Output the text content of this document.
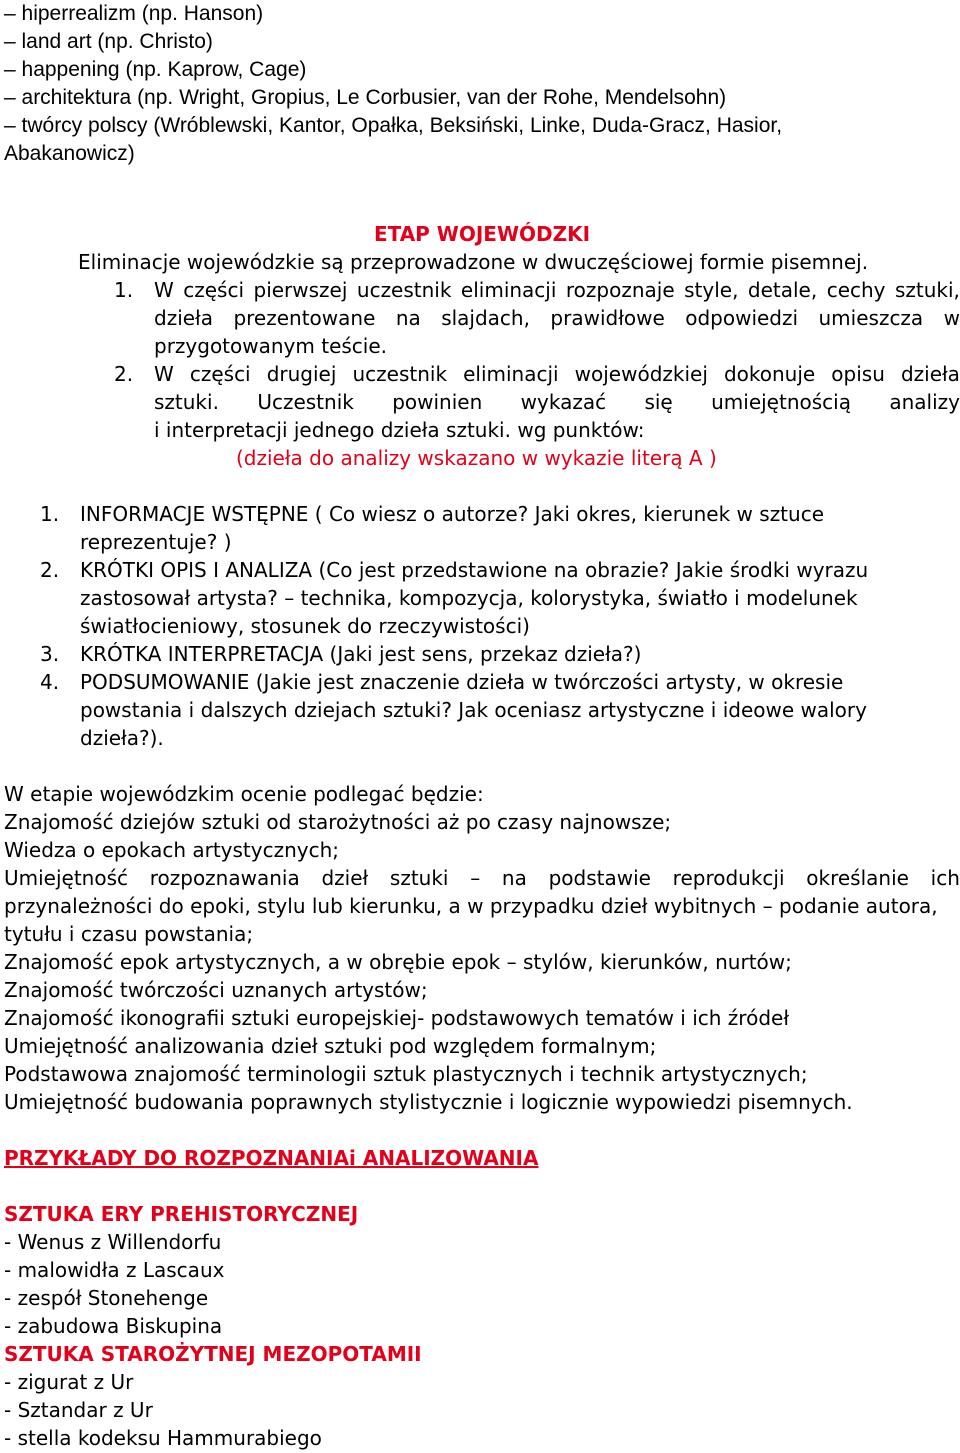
– hiperrealizm (np. Hanson)
– land art (np. Christo)
– happening (np. Kaprow, Cage)
– architektura (np. Wright, Gropius, Le Corbusier, van der Rohe, Mendelsohn)
– twórcy polscy (Wróblewski, Kantor, Opałka, Beksiński, Linke, Duda-Gracz, Hasior,
Abakanowicz)
ETAP WOJEWÓDZKI
Eliminacje wojewódzkie są przeprowadzone w dwuczęściowej formie pisemnej.
1.	W części pierwszej uczestnik eliminacji rozpoznaje style, detale, cechy sztuki,
dzieła prezentowane na slajdach, prawidłowe odpowiedzi umieszcza w
przygotowanym teście.
2.	W części drugiej uczestnik eliminacji wojewódzkiej dokonuje opisu dzieła
sztuki. Uczestnik powinien wykazać się umiejętnością analizy
i interpretacji jednego dzieła sztuki. wg punktów:
(dzieła do analizy wskazano w wykazie literą A )
1.	INFORMACJE WSTĘPNE ( Co wiesz o autorze? Jaki okres, kierunek w sztuce
reprezentuje? )
2.	KRÓTKI OPIS I ANALIZA (Co jest przedstawione na obrazie? Jakie środki wyrazu
zastosował artysta? – technika, kompozycja, kolorystyka, światło i modelunek
światłocieniowy, stosunek do rzeczywistości)
3.	KRÓTKA INTERPRETACJA (Jaki jest sens, przekaz dzieła?)
4.	PODSUMOWANIE (Jakie jest znaczenie dzieła w twórczości artysty, w okresie
powstania i dalszych dziejach sztuki? Jak oceniasz artystyczne i ideowe walory
dzieła?).
W etapie wojewódzkim ocenie podlegać będzie:
Znajomość dziejów sztuki od starożytności aż po czasy najnowsze;
Wiedza o epokach artystycznych;
Umiejętność rozpoznawania dzieł sztuki – na podstawie reprodukcji określanie ich
przynależności do epoki, stylu lub kierunku, a w przypadku dzieł wybitnych – podanie autora,
tytułu i czasu powstania;
Znajomość epok artystycznych, a w obrębie epok – stylów, kierunków, nurtów;
Znajomość twórczości uznanych artystów;
Znajomość ikonografii sztuki europejskiej- podstawowych tematów i ich źródeł
Umiejętność analizowania dzieł sztuki pod względem formalnym;
Podstawowa znajomość terminologii sztuk plastycznych i technik artystycznych;
Umiejętność budowania poprawnych stylistycznie i logicznie wypowiedzi pisemnych.
PRZYKŁADY DO ROZPOZNANIAi ANALIZOWANIA
SZTUKA ERY PREHISTORYCZNEJ
- Wenus z Willendorfu
- malowidła z Lascaux
- zespół Stonehenge
- zabudowa Biskupina
SZTUKA STAROŻYTNEJ MEZOPOTAMII
- zigurat z Ur
- Sztandar z Ur
- stella kodeksu Hammurabiego
